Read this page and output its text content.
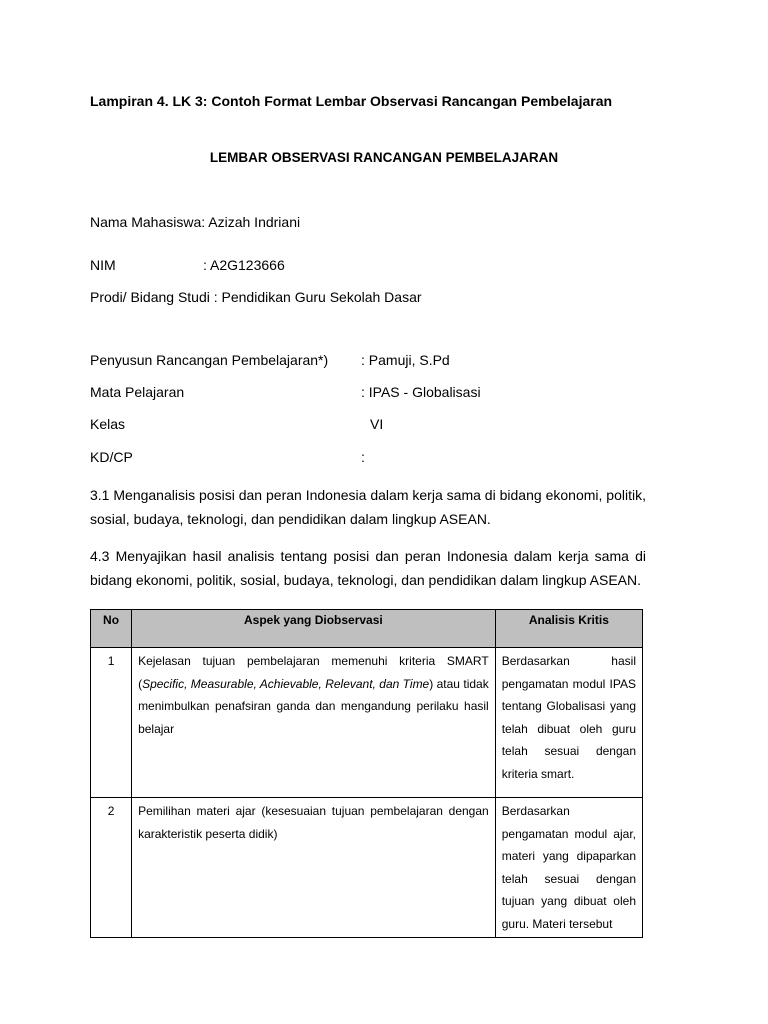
Lampiran 4. LK 3: Contoh Format Lembar Observasi Rancangan Pembelajaran
LEMBAR OBSERVASI RANCANGAN PEMBELAJARAN
Nama Mahasiswa: Azizah Indriani
NIM	: A2G123666
Prodi/ Bidang Studi : Pendidikan Guru Sekolah Dasar
Penyusun Rancangan Pembelajaran*) : Pamuji, S.Pd
Mata Pelajaran	: IPAS - Globalisasi
Kelas	VI
KD/CP	:
3.1 Menganalisis posisi dan peran Indonesia dalam kerja sama di bidang ekonomi, politik, sosial, budaya, teknologi, dan pendidikan dalam lingkup ASEAN.
4.3 Menyajikan hasil analisis tentang posisi dan peran Indonesia dalam kerja sama di bidang ekonomi, politik, sosial, budaya, teknologi, dan pendidikan dalam lingkup ASEAN.
No	Aspek yang Diobservasi	Analisis Kritis
1	Kejelasan tujuan pembelajaran memenuhi kriteria SMART (Specific, Measurable, Achievable, Relevant, dan Time) atau tidak menimbulkan penafsiran ganda dan mengandung perilaku hasil belajar	Berdasarkan hasil pengamatan modul IPAS tentang Globalisasi yang telah dibuat oleh guru telah sesuai dengan kriteria smart.
2	Pemilihan materi ajar (kesesuaian tujuan pembelajaran dengan karakteristik peserta didik)	Berdasarkan pengamatan modul ajar, materi yang dipaparkan telah sesuai dengan tujuan yang dibuat oleh guru. Materi tersebut
